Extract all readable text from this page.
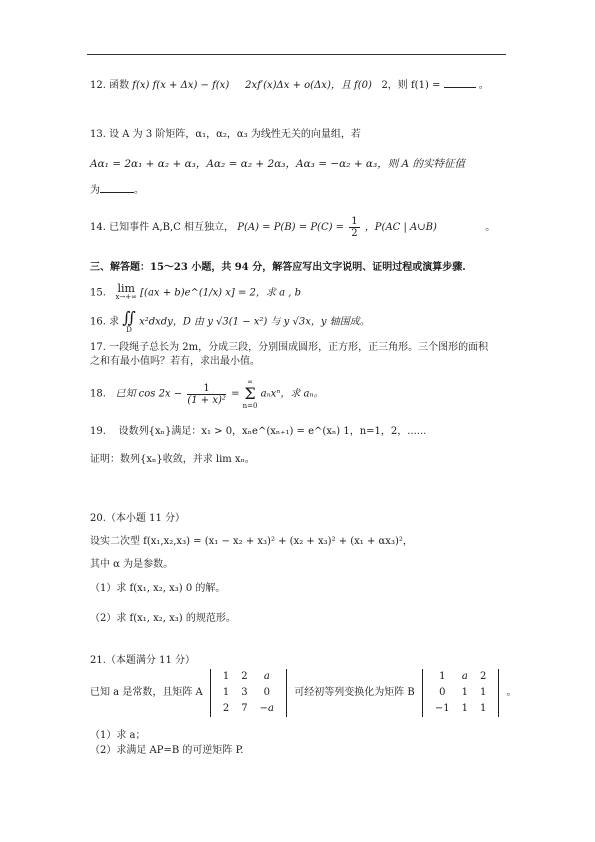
12. 函数 f(x) f(x + Δx) − f(x) 2xf′(x)Δx + o(Δx)，且 f(0) 2，则 f(1) =	。
13. 设 A 为 3 阶矩阵，α₁，α₂，α₃ 为线性无关的向量组，若
Aα₁ = 2α₁ + α₂ + α₃，Aα₂ = α₂ + 2α₃，Aα₃ = −α₂ + α₃，则 A 的实特征值
为	。
14. 已知事件 A,B,C 相互独立， $P(A) = P(B) = P(C) = \frac{1}{2}$ ，P(AC | A∪B)	。
三、解答题：15～23 小题，共 94 分，解答应写出文字说明、证明过程或演算步骤.
15. lim
x→+∞ [(ax + b)e^(1/x) x] = 2，求 a , b
16. 求 ∬
D
x²dxdy，D 由 y √3(1 − x²) 与 y √3x，y 轴围成。
17. 一段绳子总长为 2m，分成三段，分别围成圆形，正方形，正三角形。三个图形的面积
之和有最小值吗？若有，求出最小值。
18. 已知 $\cos 2x - \frac{1}{\text{(1 + x)²}}$ =
∞
Σ
n=0
aₙxⁿ，求 aₙ。
19. 设数列{xₙ}满足：x₁ > 0，xₙe^(xₙ₊₁) = e^(xₙ) 1，n=1，2，......
证明：数列{xₙ}收敛，并求 lim xₙ。
20.（本小题 11 分）
设实二次型 f(x₁,x₂,x₃) = (x₁ − x₂ + x₃)² + (x₂ + x₃)² + (x₁ + αx₃)²，
其中 α 为是参数。
（1）求 f(x₁, x₂, x₃) 0 的解。
（2）求 f(x₁, x₂, x₃) 的规范形。
21.（本题满分 11 分）
已知 a 是常数，且矩阵 A
1	2	a
1	3	0
2	7	−a
可经初等列变换化为矩阵 B
1	a	2
0	1	1
−1	1	1
。
（1）求 a；
（2）求满足 AP=B 的可逆矩阵 P.
